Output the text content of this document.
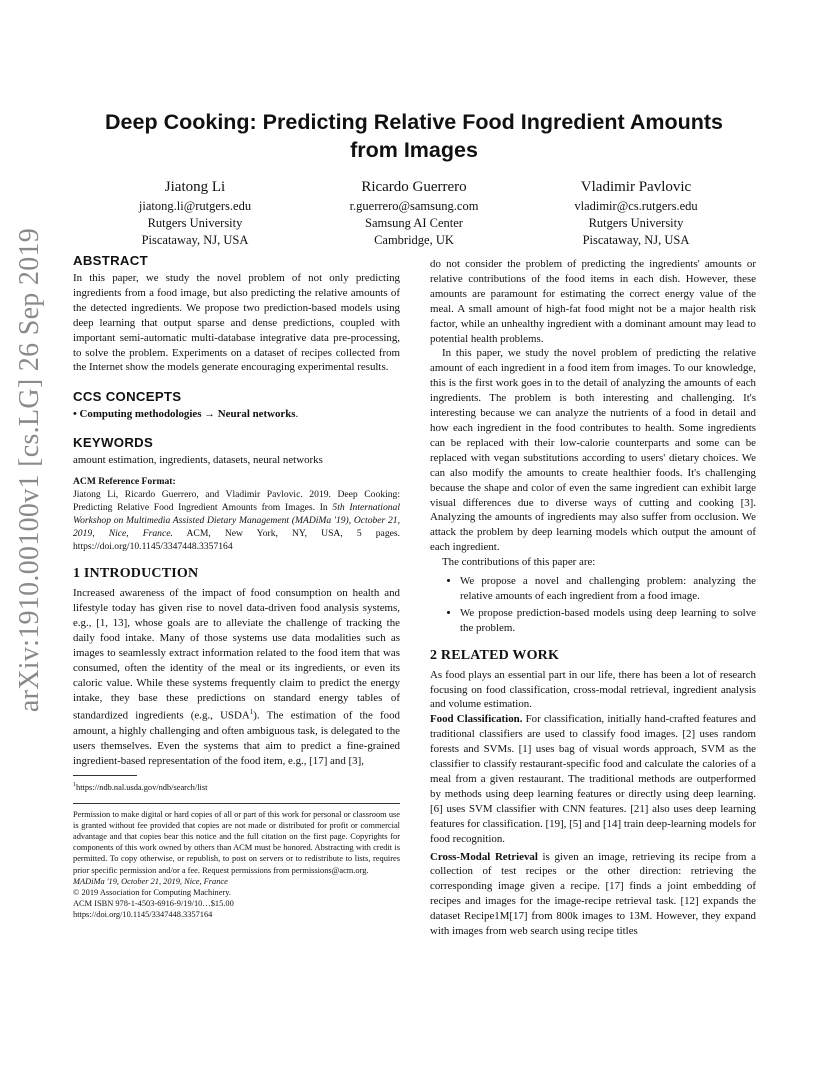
arXiv:1910.00100v1 [cs.LG] 26 Sep 2019
Deep Cooking: Predicting Relative Food Ingredient Amounts
from Images
Jiatong Li
jiatong.li@rutgers.edu
Rutgers University
Piscataway, NJ, USA
Ricardo Guerrero
r.guerrero@samsung.com
Samsung AI Center
Cambridge, UK
Vladimir Pavlovic
vladimir@cs.rutgers.edu
Rutgers University
Piscataway, NJ, USA
ABSTRACT

In this paper, we study the novel problem of not only predicting ingredients from a food image, but also predicting the relative amounts of the detected ingredients. We propose two prediction-based models using deep learning that output sparse and dense predictions, coupled with important semi-automatic multi-database integrative data pre-processing, to solve the problem. Experiments on a dataset of recipes collected from the Internet show the models generate encouraging experimental results.

CCS CONCEPTS

• Computing methodologies → Neural networks.

KEYWORDS

amount estimation, ingredients, datasets, neural networks

ACM Reference Format:
Jiatong Li, Ricardo Guerrero, and Vladimir Pavlovic. 2019. Deep Cooking: Predicting Relative Food Ingredient Amounts from Images. In 5th International Workshop on Multimedia Assisted Dietary Management (MADiMa '19), October 21, 2019, Nice, France. ACM, New York, NY, USA, 5 pages. https://doi.org/10.1145/3347448.3357164
1 INTRODUCTION

Increased awareness of the impact of food consumption on health and lifestyle today has given rise to novel data-driven food analysis systems, e.g., [1, 13], whose goals are to alleviate the challenge of tracking the daily food intake. Many of those systems use data modalities such as images to seamlessly extract information related to the food item that was consumed, often the identity of the meal or its ingredients, or even its caloric value. While these systems frequently claim to predict the energy intake, they base these predictions on standard energy tables of standardized ingredients (e.g., USDA$^1$). The estimation of the food amount, a highly challenging and often ambiguous task, is delegated to the users themselves. Even the systems that aim to predict a fine-grained ingredient-based representation of the food item, e.g., [17] and [3],

$^1$https://ndb.nal.usda.gov/ndb/search/list
Permission to make digital or hard copies of all or part of this work for personal or classroom use is granted without fee provided that copies are not made or distributed for profit or commercial advantage and that copies bear this notice and the full citation on the first page. Copyrights for components of this work owned by others than ACM must be honored. Abstracting with credit is permitted. To copy otherwise, or republish, to post on servers or to redistribute to lists, requires prior specific permission and/or a fee. Request permissions from permissions@acm.org.
MADiMa '19, October 21, 2019, Nice, France
© 2019 Association for Computing Machinery.
ACM ISBN 978-1-4503-6916-9/19/10…$15.00
https://doi.org/10.1145/3347448.3357164

do not consider the problem of predicting the ingredients' amounts or relative contributions of the food items in each dish. However, these amounts are paramount for estimating the correct energy value of the meal. A small amount of high-fat food might not be a major health risk factor, while an unhealthy ingredient with a dominant amount may lead to potential health problems.

In this paper, we study the novel problem of predicting the relative amount of each ingredient in a food item from images. To our knowledge, this is the first work goes in to the detail of analyzing the amounts of each ingredients. The problem is both interesting and challenging. It's interesting because we can analyze the nutrients of a food in detail and how each ingredient in the food contributes to health. Some ingredients can be replaced with their low-calorie counterparts and some can be replaced with vegan substitutions according to users' dietary choices. We can also modify the amounts to create healthier foods. It's challenging because the shape and color of even the same ingredient can exhibit large visual differences due to diverse ways of cutting and cooking [3]. Analyzing the amounts of ingredients may also suffer from occlusion. We attack the problem by deep learning models which output the amount of each ingredient.

The contributions of this paper are:

• We propose a novel and challenging problem: analyzing the relative amounts of each ingredient from a food image.
• We propose prediction-based models using deep learning to solve the problem.
2 RELATED WORK

As food plays an essential part in our life, there has been a lot of research focusing on food classification, cross-modal retrieval, ingredient analysis and volume estimation.

Food Classification. For classification, initially hand-crafted features and traditional classifiers are used to classify food images. [2] uses random forests and SVMs. [1] uses bag of visual words approach, SVM as the classifier to classify restaurant-specific food and calculate the calories of a meal from a given restaurant. The traditional methods are outperformed by methods using deep learning features or directly using deep learning. [6] uses SVM classifier with CNN features. [21] also uses deep learning features for classification. [19], [5] and [14] train deep-learning models for food recognition.

Cross-Modal Retrieval is given an image, retrieving its recipe from a collection of test recipes or the other direction: retrieving the corresponding image given a recipe. [17] finds a joint embedding of recipes and images for the image-recipe retrieval task. [12] expands the dataset Recipe1M[17] from 800k images to 13M. However, they expand with images from web search using recipe titles
